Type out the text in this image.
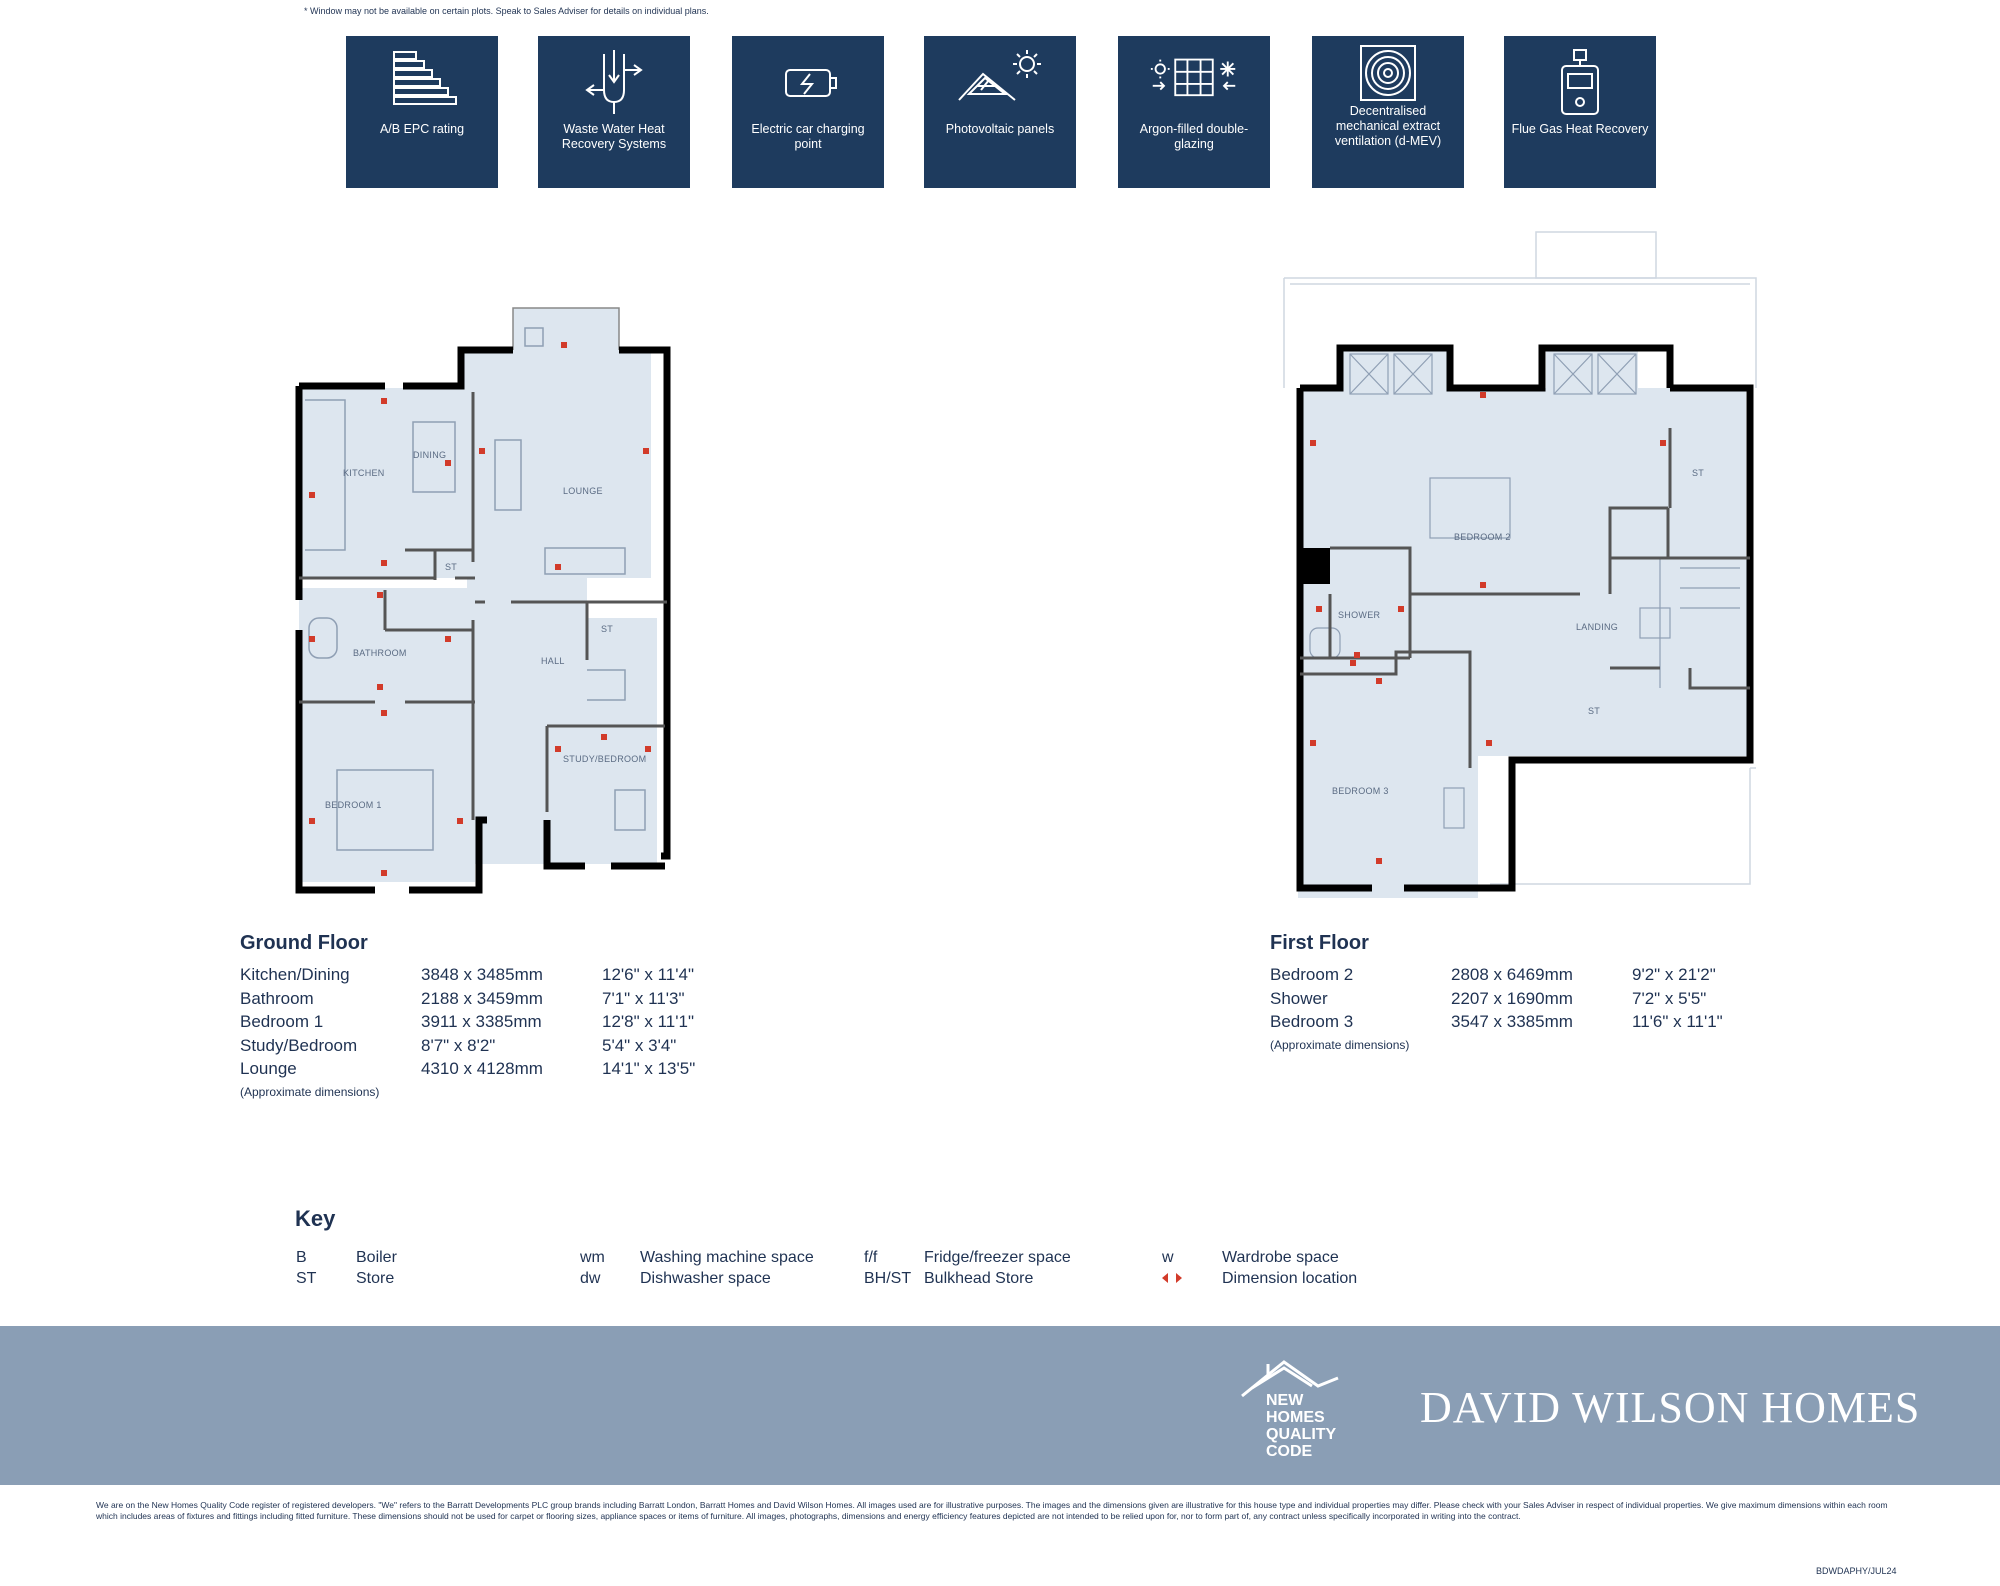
* Window may not be available on certain plots. Speak to Sales Adviser for details on individual plans.
A/B EPC rating	Waste Water Heat Recovery Systems
Electric car charging point
Photovoltaic panels	Argon-filled double-glazing
Decentralised mechanical extract ventilation (d-MEV)
Flue Gas Heat Recovery
KITCHEN
DINING
LOUNGE
ST
BATHROOM
HALL
ST
STUDY/BEDROOM
BEDROOM 1
BEDROOM 2
ST
SHOWER
LANDING
ST
BEDROOM 3
Ground Floor
Kitchen/Dining	3848 x 3485mm	12'6" x 11'4"
Bathroom	2188 x 3459mm	7'1" x 11'3"
Bedroom 1	3911 x 3385mm	12'8" x 11'1"
Study/Bedroom	8'7" x 8'2"	5'4" x 3'4"
Lounge	4310 x 4128mm	14'1" x 13'5"
(Approximate dimensions)
First Floor
Bedroom 2	2808 x 6469mm	9'2" x 21'2"
Shower	2207 x 1690mm	7'2" x 5'5"
Bedroom 3	3547 x 3385mm	11'6" x 11'1"
(Approximate dimensions)
Key
B	Boiler
ST Store
wm Washing machine space
dw Dishwasher space
f/f	Fridge/freezer space
BH/ST Bulkhead Store
w	Wardrobe space
Dimension location
NEW
HOMES
QUALITY
CODE
DAVID WILSON HOMES
We are on the New Homes Quality Code register of registered developers. "We" refers to the Barratt Developments PLC group brands including Barratt London, Barratt Homes and David Wilson Homes. All images used are for illustrative purposes. The images and the dimensions given are illustrative for this house type and individual properties may differ. Please check with your Sales Adviser in respect of individual properties. We give maximum dimensions within each room which includes areas of fixtures and fittings including fitted furniture. These dimensions should not be used for carpet or flooring sizes, appliance spaces or items of furniture. All images, photographs, dimensions and energy efficiency features depicted are not intended to be relied upon for, nor to form part of, any contract unless specifically incorporated in writing into the contract.
BDWDAPHY/JUL24
